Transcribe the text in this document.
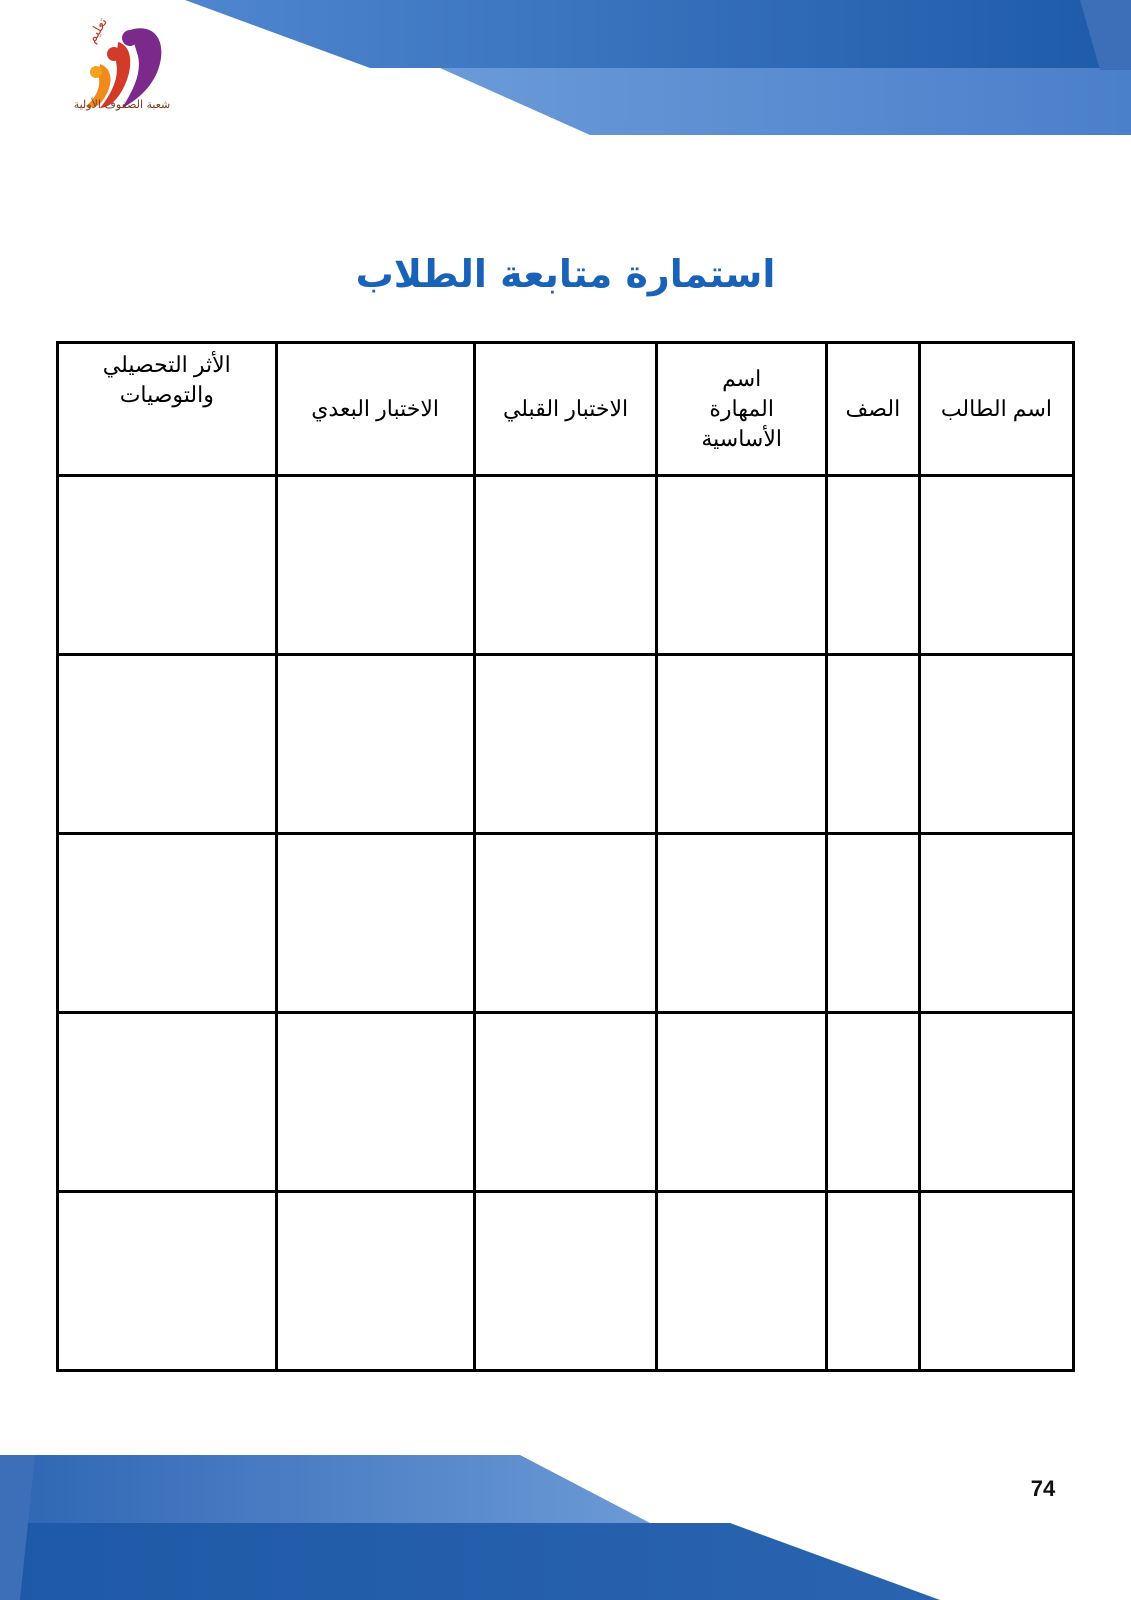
تعليم
شعبة الصفوف الأولية
استمارة متابعة الطلاب
اسم الطالب	الصف	اسم المهارة الأساسية	الاختبار القبلي	الاختبار البعدي	الأثر التحصيلي والتوصيات

74
